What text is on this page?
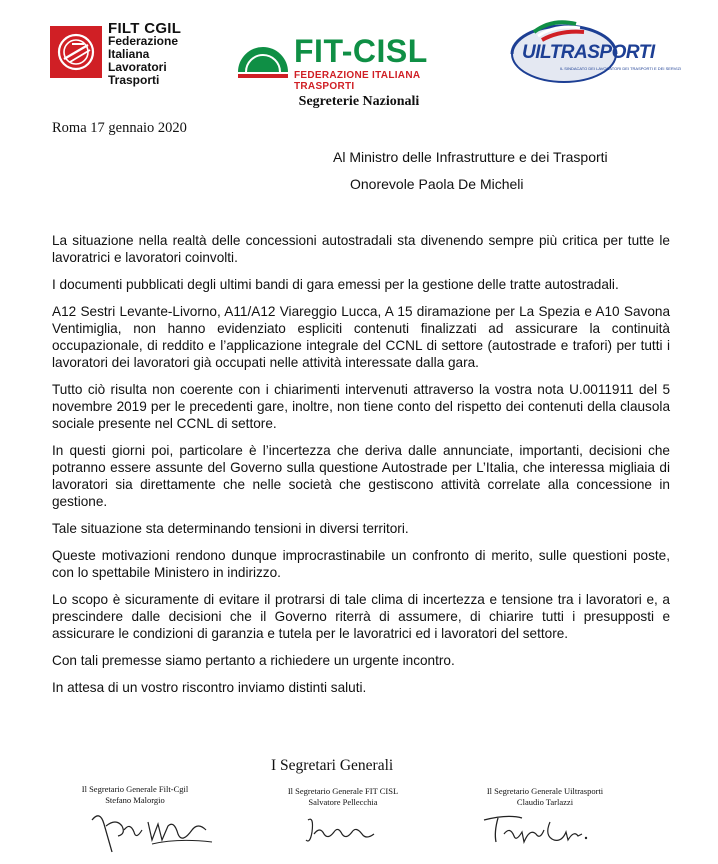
FILT CGIL
Federazione
Italiana
Lavoratori
Trasporti
FIT-CISL
FEDERAZIONE ITALIANA TRASPORTI
UILTRASPORTI
IL SINDACATO DEI LAVORATORI DEI TRASPORTI E DEI SERVIZI
Segreterie Nazionali
Roma 17 gennaio 2020
Al Ministro delle Infrastrutture e dei Trasporti
Onorevole Paola De Micheli

La situazione nella realtà delle concessioni autostradali sta divenendo sempre più critica per tutte le lavoratrici e lavoratori coinvolti.

I documenti pubblicati degli ultimi bandi di gara emessi per la gestione delle tratte autostradali.

A12 Sestri Levante-Livorno, A11/A12 Viareggio Lucca, A 15 diramazione per La Spezia e A10 Savona Ventimiglia, non hanno evidenziato espliciti contenuti finalizzati ad assicurare la continuità occupazionale, di reddito e l’applicazione integrale del CCNL di settore (autostrade e trafori) per tutti i lavoratori dei lavoratori già occupati nelle attività interessate dalla gara.

Tutto ciò risulta non coerente con i chiarimenti intervenuti attraverso la vostra nota U.0011911 del 5 novembre 2019 per le precedenti gare, inoltre, non tiene conto del rispetto dei contenuti della clausola sociale presente nel CCNL di settore.

In questi giorni poi, particolare è l’incertezza che deriva dalle annunciate, importanti, decisioni che potranno essere assunte del Governo sulla questione Autostrade per L’Italia, che interessa migliaia di lavoratori sia direttamente che nelle società che gestiscono attività correlate alla concessione in gestione.

Tale situazione sta determinando tensioni in diversi territori.

Queste motivazioni rendono dunque improcrastinabile un confronto di merito, sulle questioni poste, con lo spettabile Ministero in indirizzo.

Lo scopo è sicuramente di evitare il protrarsi di tale clima di incertezza e tensione tra i lavoratori e, a prescindere dalle decisioni che il Governo riterrà di assumere, di chiarire tutti i presupposti e assicurare le condizioni di garanzia e tutela per le lavoratrici ed i lavoratori del settore.

Con tali premesse siamo pertanto a richiedere un urgente incontro.

In attesa di un vostro riscontro inviamo distinti saluti.

I Segretari Generali
Il Segretario Generale Filt-Cgil
Stefano Malorgio
Il Segretario Generale FIT CISL
Salvatore Pellecchia
Il Segretario Generale Uiltrasporti
Claudio Tarlazzi
